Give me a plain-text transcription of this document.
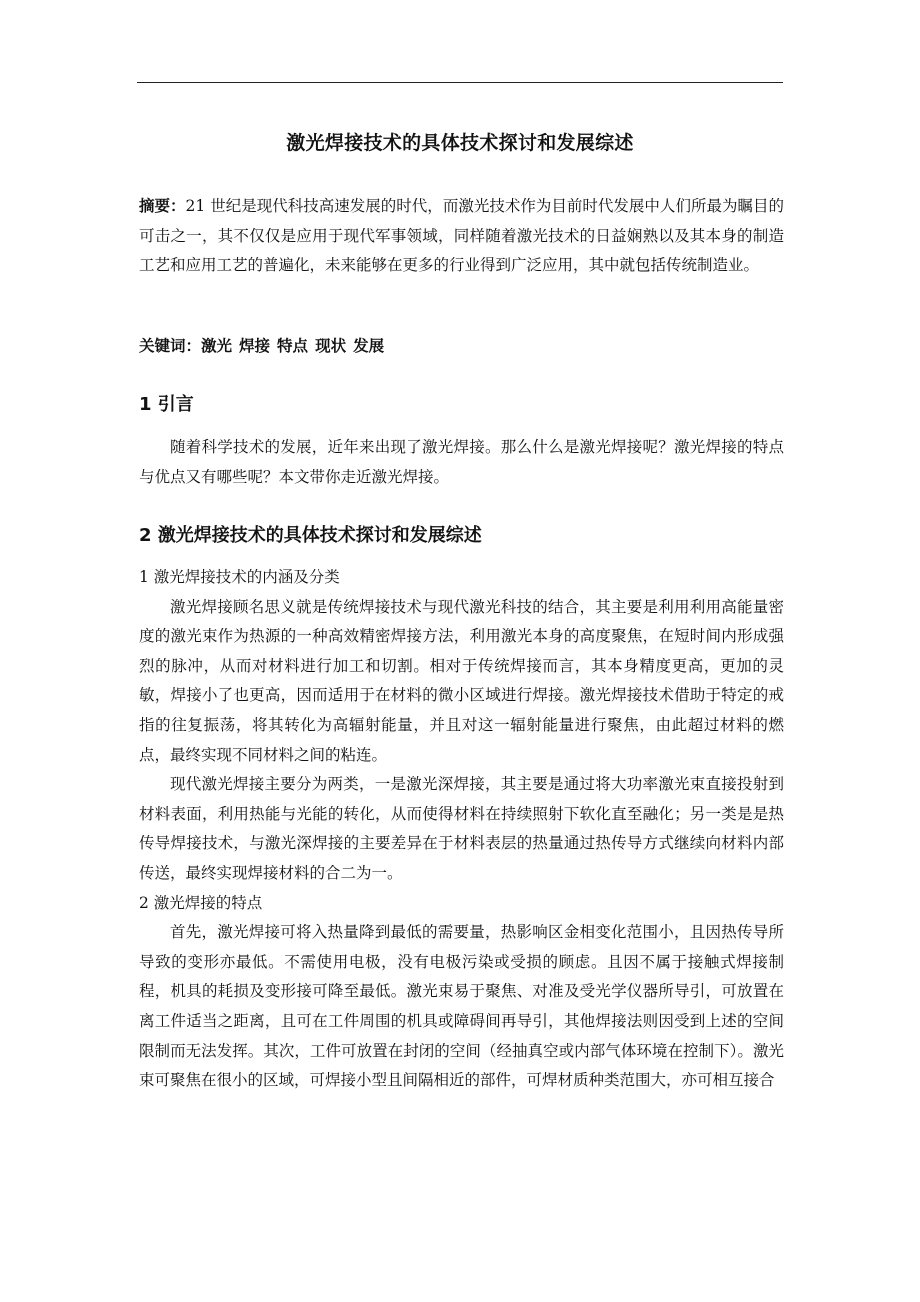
激光焊接技术的具体技术探讨和发展综述
摘要：21 世纪是现代科技高速发展的时代，而激光技术作为目前时代发展中人们所最为瞩目的可击之一，其不仅仅是应用于现代军事领域，同样随着激光技术的日益娴熟以及其本身的制造工艺和应用工艺的普遍化，未来能够在更多的行业得到广泛应用，其中就包括传统制造业。
关键词：激光 焊接 特点 现状 发展
1 引言

随着科学技术的发展，近年来出现了激光焊接。那么什么是激光焊接呢？激光焊接的特点与优点又有哪些呢？本文带你走近激光焊接。

2 激光焊接技术的具体技术探讨和发展综述

1 激光焊接技术的内涵及分类

激光焊接顾名思义就是传统焊接技术与现代激光科技的结合，其主要是利用利用高能量密度的激光束作为热源的一种高效精密焊接方法，利用激光本身的高度聚焦，在短时间内形成强烈的脉冲，从而对材料进行加工和切割。相对于传统焊接而言，其本身精度更高，更加的灵敏，焊接小了也更高，因而适用于在材料的微小区域进行焊接。激光焊接技术借助于特定的戒指的往复振荡，将其转化为高辐射能量，并且对这一辐射能量进行聚焦，由此超过材料的燃点，最终实现不同材料之间的粘连。

现代激光焊接主要分为两类，一是激光深焊接，其主要是通过将大功率激光束直接投射到材料表面，利用热能与光能的转化，从而使得材料在持续照射下软化直至融化；另一类是是热传导焊接技术，与激光深焊接的主要差异在于材料表层的热量通过热传导方式继续向材料内部传送，最终实现焊接材料的合二为一。

2 激光焊接的特点

首先，激光焊接可将入热量降到最低的需要量，热影响区金相变化范围小，且因热传导所导致的变形亦最低。不需使用电极，没有电极污染或受损的顾虑。且因不属于接触式焊接制程，机具的耗损及变形接可降至最低。激光束易于聚焦、对准及受光学仪器所导引，可放置在离工件适当之距离，且可在工件周围的机具或障碍间再导引，其他焊接法则因受到上述的空间限制而无法发挥。其次，工件可放置在封闭的空间（经抽真空或内部气体环境在控制下）。激光束可聚焦在很小的区域，可焊接小型且间隔相近的部件，可焊材质种类范围大，亦可相互接合
